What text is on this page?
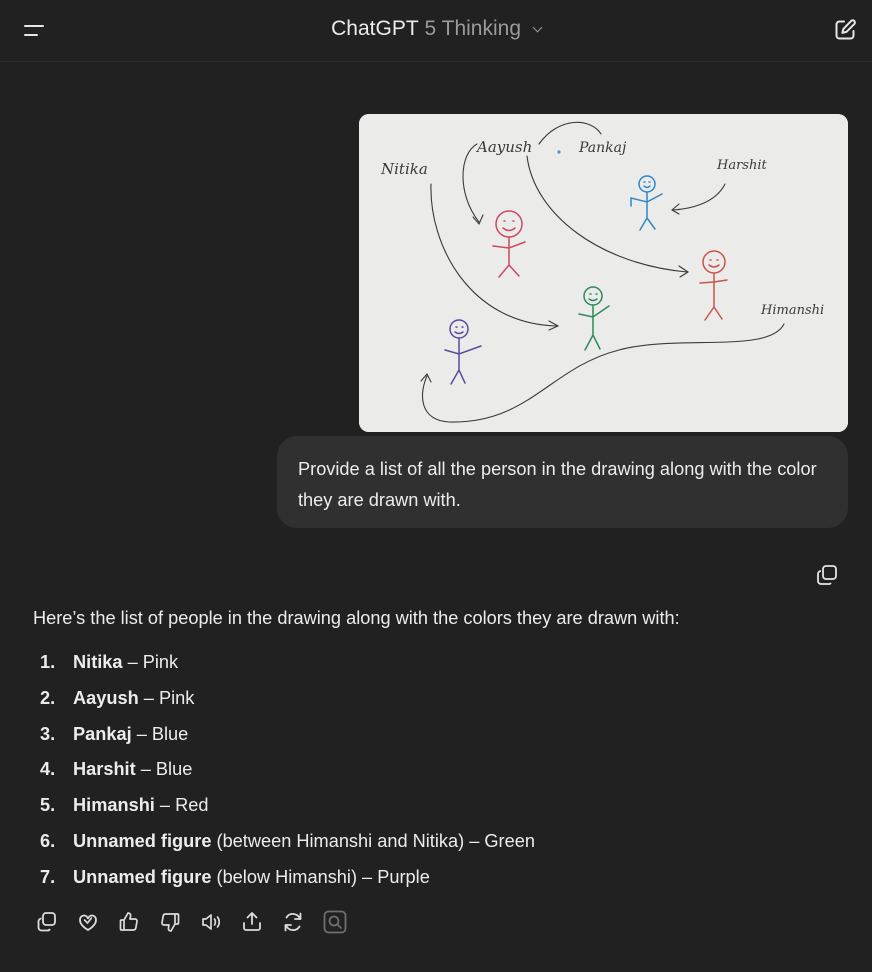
ChatGPT 5 Thinking
Nitika
Aayush	Pankaj
Harshit
Himanshi
Provide a list of all the person in the drawing along with the color they are drawn with.
Here’s the list of people in the drawing along with the colors they are drawn with:
1. Nitika – Pink
2. Aayush – Pink
3. Pankaj – Blue
4. Harshit – Blue
5. Himanshi – Red
6. Unnamed figure (between Himanshi and Nitika) – Green
7. Unnamed figure (below Himanshi) – Purple
